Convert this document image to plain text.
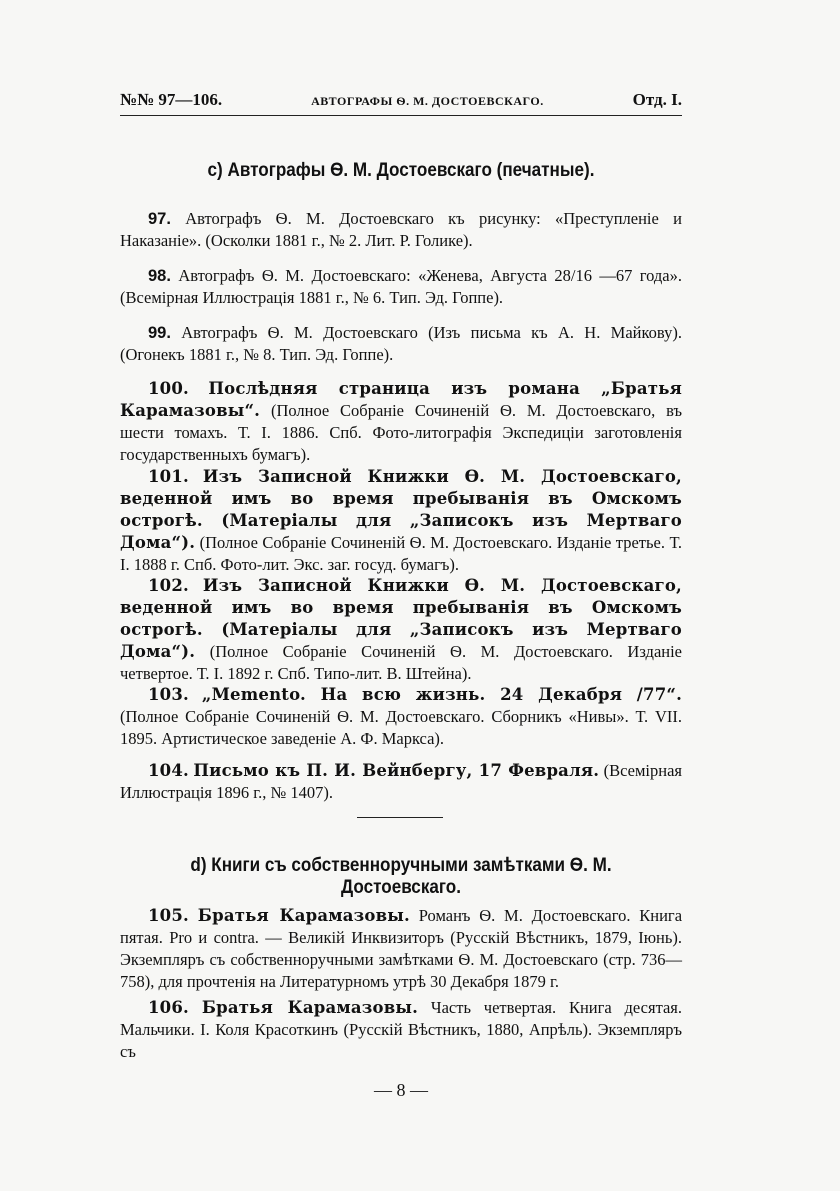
№№ 97—106.	АВТОГРАФЫ Ѳ. М. ДОСТОЕВСКАГО.	Отд. I.
c) Автографы Ѳ. М. Достоевскаго (печатные).

97. Автографъ Ѳ. М. Достоевскаго къ рисунку: «Преступленіе и Наказаніе». (Осколки 1881 г., № 2. Лит. Р. Голике).

98. Автографъ Ѳ. М. Достоевскаго: «Женева, Августа 28/16 —67 года». (Всемірная Иллюстрація 1881 г., № 6. Тип. Эд. Гоппе).

99. Автографъ Ѳ. М. Достоевскаго (Изъ письма къ А. Н. Майкову). (Огонекъ 1881 г., № 8. Тип. Эд. Гоппе).

100. Послѣдняя страница изъ романа „Братья Карамазовы“. (Полное Собраніе Сочиненій Ѳ. М. Достоевскаго, въ шести томахъ. Т. I. 1886. Спб. Фото-литографія Экспедиціи заготовленія государственныхъ бумагъ).

101. Изъ Записной Книжки Ѳ. М. Достоевскаго, веденной имъ во время пребыванія въ Омскомъ острогѣ. (Матеріалы для „Записокъ изъ Мертваго Дома“). (Полное Собраніе Сочиненій Ѳ. М. Достоевскаго. Изданіе третье. Т. I. 1888 г. Спб. Фото-лит. Экс. заг. госуд. бумагъ).

102. Изъ Записной Книжки Ѳ. М. Достоевскаго, веденной имъ во время пребыванія въ Омскомъ острогѣ. (Матеріалы для „Записокъ изъ Мертваго Дома“). (Полное Собраніе Сочиненій Ѳ. М. Достоевскаго. Изданіе четвертое. Т. I. 1892 г. Спб. Типо-лит. В. Штейна).

103. „Memento. На всю жизнь. 24 Декабря /77“. (Полное Собраніе Сочиненій Ѳ. М. Достоевскаго. Сборникъ «Нивы». Т. VII. 1895. Артистическое заведеніе А. Ф. Маркса).

104. Письмо къ П. И. Вейнбергу, 17 Февраля. (Всемірная Иллюстрація 1896 г., № 1407).

d) Книги съ собственноручными замѣтками Ѳ. М. Достоевскаго.

105. Братья Карамазовы. Романъ Ѳ. М. Достоевскаго. Книга пятая. Pro и contra. — Великій Инквизиторъ (Русскій Вѣстникъ, 1879, Іюнь). Экземпляръ съ собственноручными замѣтками Ѳ. М. Достоевскаго (стр. 736—758), для прочтенія на Литературномъ утрѣ 30 Декабря 1879 г.

106. Братья Карамазовы. Часть четвертая. Книга десятая. Мальчики. I. Коля Красоткинъ (Русскій Вѣстникъ, 1880, Апрѣль). Экземпляръ съ

— 8 —
